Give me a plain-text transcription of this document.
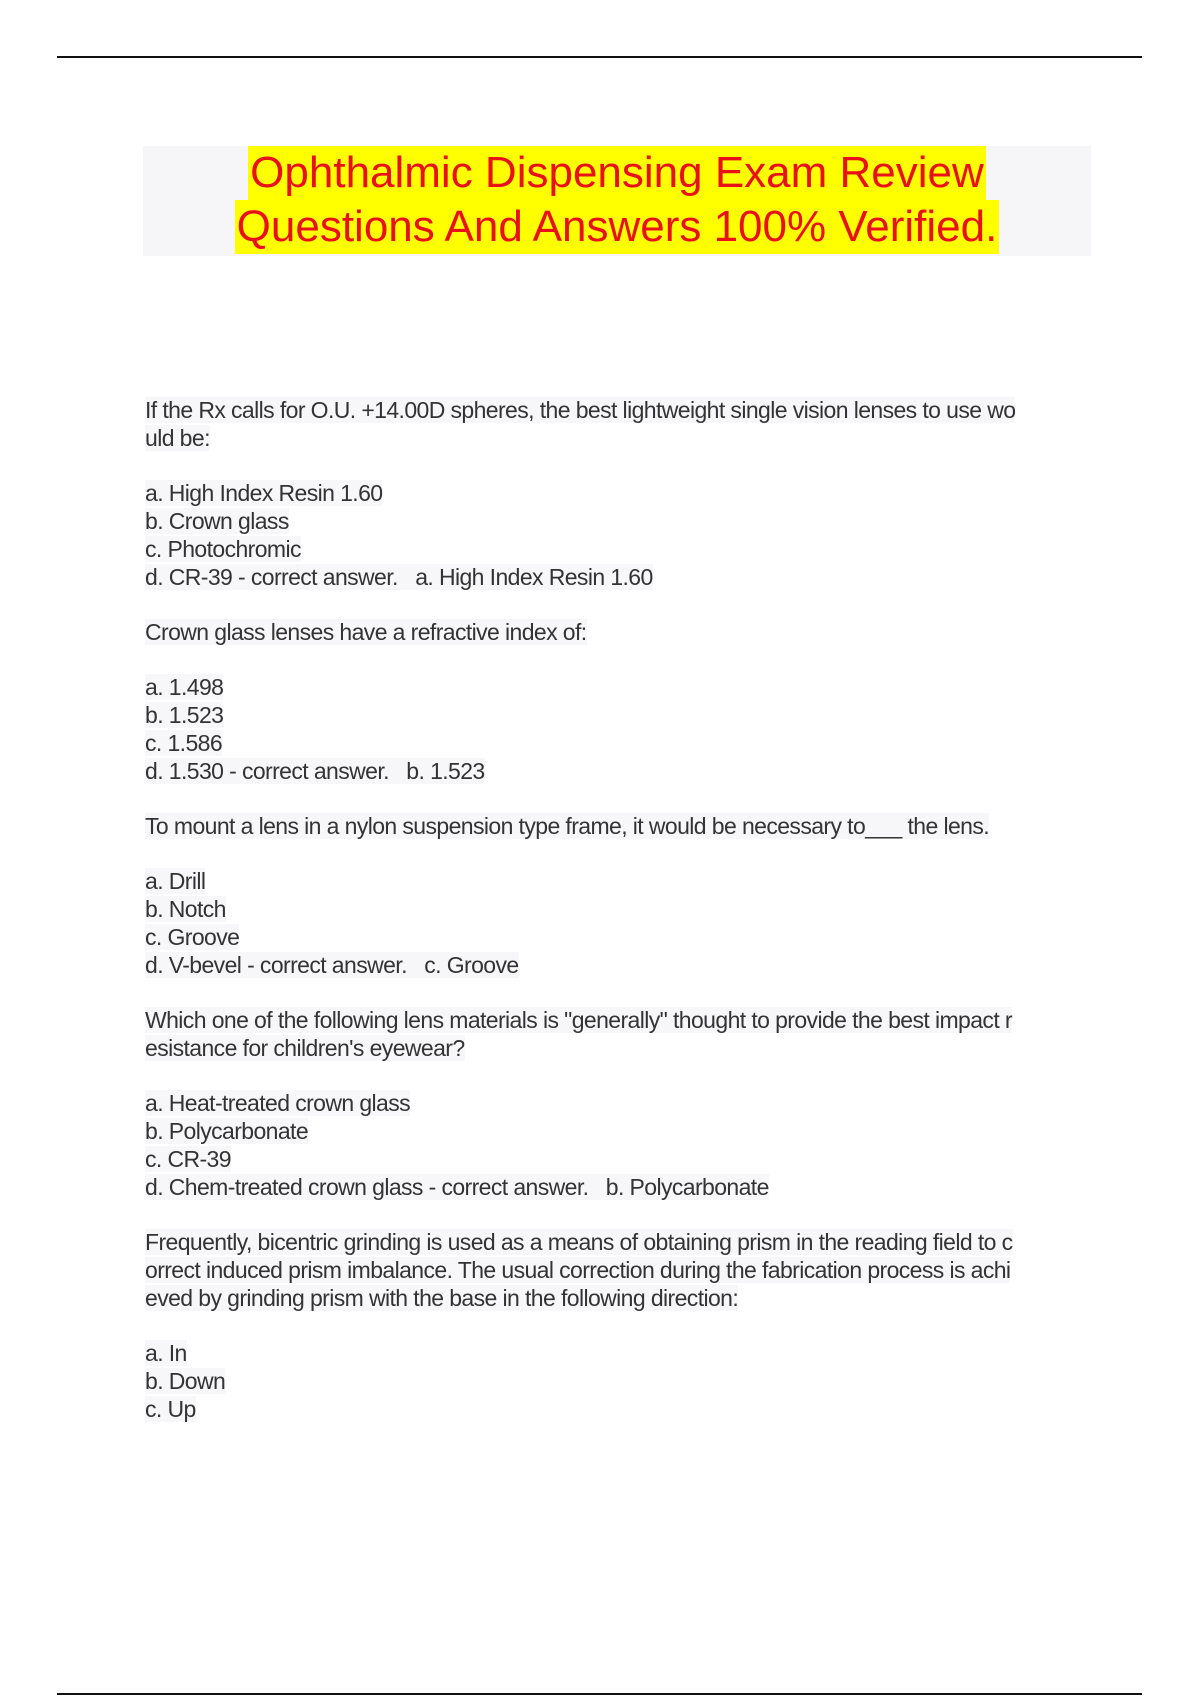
Ophthalmic Dispensing Exam Review
Questions And Answers 100% Verified.
If the Rx calls for O.U. +14.00D spheres, the best lightweight single vision lenses to use wo
uld be:
a. High Index Resin 1.60
b. Crown glass
c. Photochromic
d. CR-39 - correct answer. a. High Index Resin 1.60
Crown glass lenses have a refractive index of:
a. 1.498
b. 1.523
c. 1.586
d. 1.530 - correct answer. b. 1.523
To mount a lens in a nylon suspension type frame, it would be necessary to___ the lens.
a. Drill
b. Notch
c. Groove
d. V-bevel - correct answer. c. Groove
Which one of the following lens materials is "generally" thought to provide the best impact r
esistance for children's eyewear?
a. Heat-treated crown glass
b. Polycarbonate
c. CR-39
d. Chem-treated crown glass - correct answer. b. Polycarbonate
Frequently, bicentric grinding is used as a means of obtaining prism in the reading field to c
orrect induced prism imbalance. The usual correction during the fabrication process is achi
eved by grinding prism with the base in the following direction:
a. In
b. Down
c. Up
